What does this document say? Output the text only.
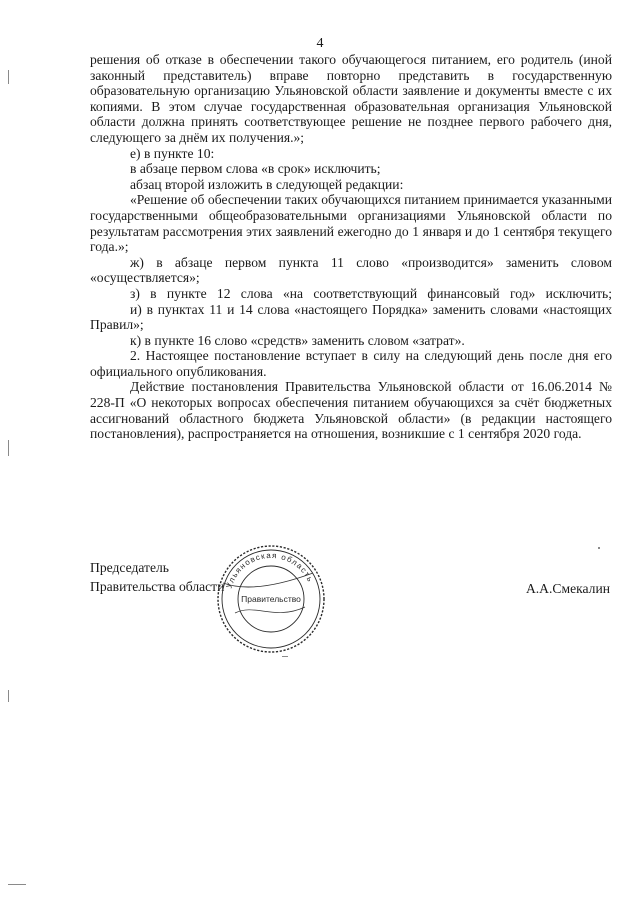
4

решения об отказе в обеспечении такого обучающегося питанием, его родитель (иной законный представитель) вправе повторно представить в государственную образовательную организацию Ульяновской области заявление и документы вместе с их копиями. В этом случае государственная образовательная организация Ульяновской области должна принять соответствующее решение не позднее первого рабочего дня, следующего за днём их получения.»;

е) в пункте 10:

в абзаце первом слова «в срок» исключить;

абзац второй изложить в следующей редакции:

«Решение об обеспечении таких обучающихся питанием принимается указанными государственными общеобразовательными организациями Ульяновской области по результатам рассмотрения этих заявлений ежегодно до 1 января и до 1 сентября текущего года.»;

ж) в абзаце первом пункта 11 слово «производится» заменить словом «осуществляется»;

з) в пункте 12 слова «на соответствующий финансовый год» исключить;

и) в пунктах 11 и 14 слова «настоящего Порядка» заменить словами «настоящих Правил»;

к) в пункте 16 слово «средств» заменить словом «затрат».

2. Настоящее постановление вступает в силу на следующий день после дня его официального опубликования.

Действие постановления Правительства Ульяновской области от 16.06.2014 № 228-П «О некоторых вопросах обеспечения питанием обучающихся за счёт бюджетных ассигнований областного бюджета Ульяновской области» (в редакции настоящего постановления), распространяется на отношения, возникшие с 1 сентября 2020 года.

Председатель
Правительства области	А.А.Смекалин
Ульяновская область
Правительство
